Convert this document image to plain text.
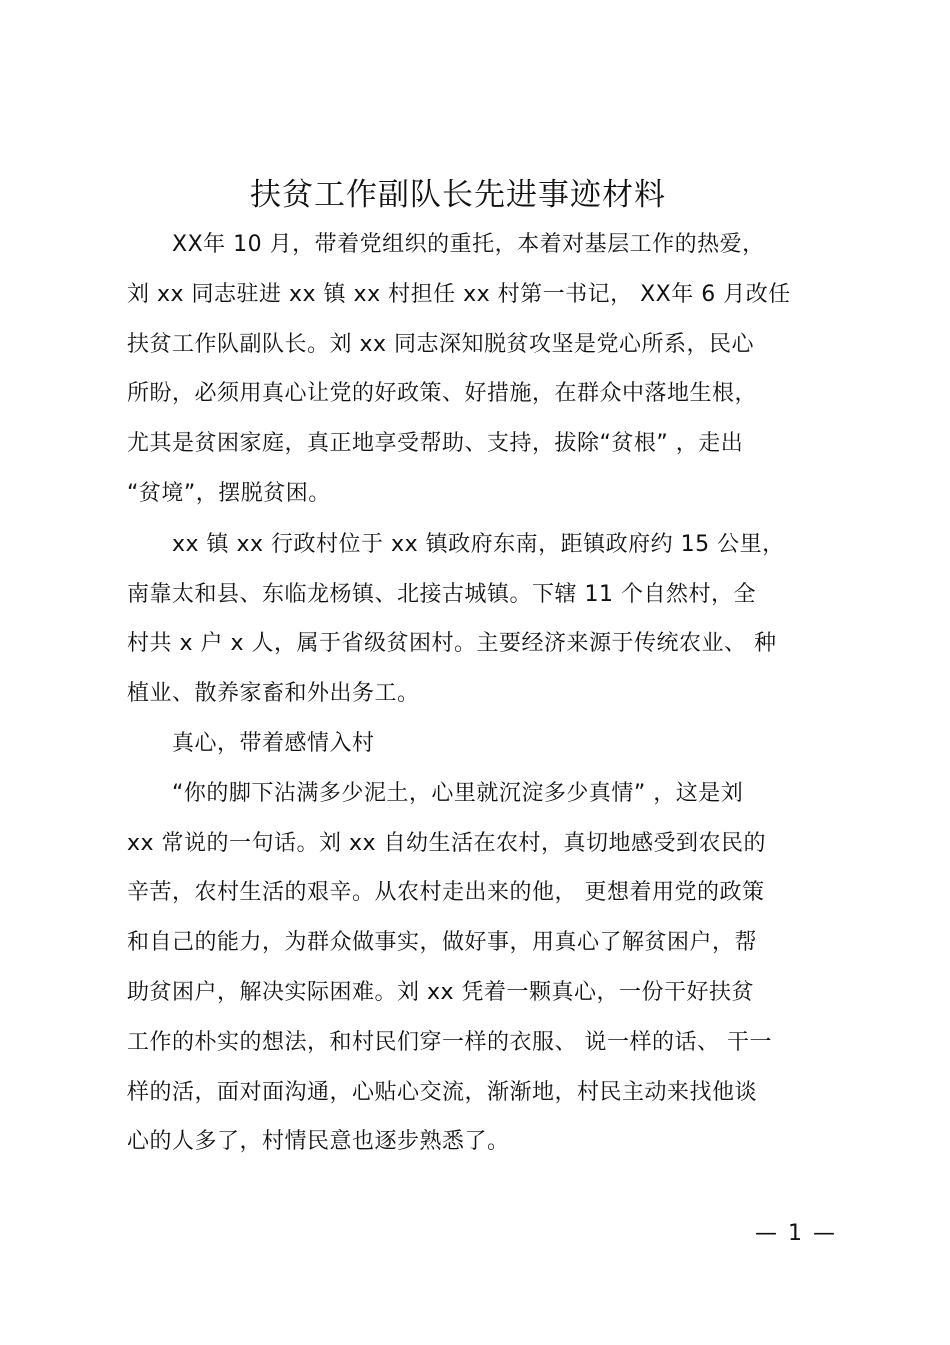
扶贫工作副队长先进事迹材料
　　XX年 10 月，带着党组织的重托，本着对基层工作的热爱，
刘 xx 同志驻进 xx 镇 xx 村担任 xx 村第一书记， XX年 6 月改任
扶贫工作队副队长。刘 xx 同志深知脱贫攻坚是党心所系，民心
所盼，必须用真心让党的好政策、好措施，在群众中落地生根，
尤其是贫困家庭，真正地享受帮助、支持，拔除“贫根” ，走出
“贫境”，摆脱贫困。
　　xx 镇 xx 行政村位于 xx 镇政府东南，距镇政府约 15 公里，
南靠太和县、东临龙杨镇、北接古城镇。下辖 11 个自然村，全
村共 x 户 x 人，属于省级贫困村。主要经济来源于传统农业、 种
植业、散养家畜和外出务工。
　　真心，带着感情入村
　　“你的脚下沾满多少泥土，心里就沉淀多少真情” ，这是刘
xx 常说的一句话。刘 xx 自幼生活在农村，真切地感受到农民的
辛苦，农村生活的艰辛。从农村走出来的他， 更想着用党的政策
和自己的能力，为群众做事实，做好事，用真心了解贫困户，帮
助贫困户，解决实际困难。刘 xx 凭着一颗真心，一份干好扶贫
工作的朴实的想法，和村民们穿一样的衣服、 说一样的话、 干一
样的活，面对面沟通，心贴心交流，渐渐地，村民主动来找他谈
心的人多了，村情民意也逐步熟悉了。
— 1 —
